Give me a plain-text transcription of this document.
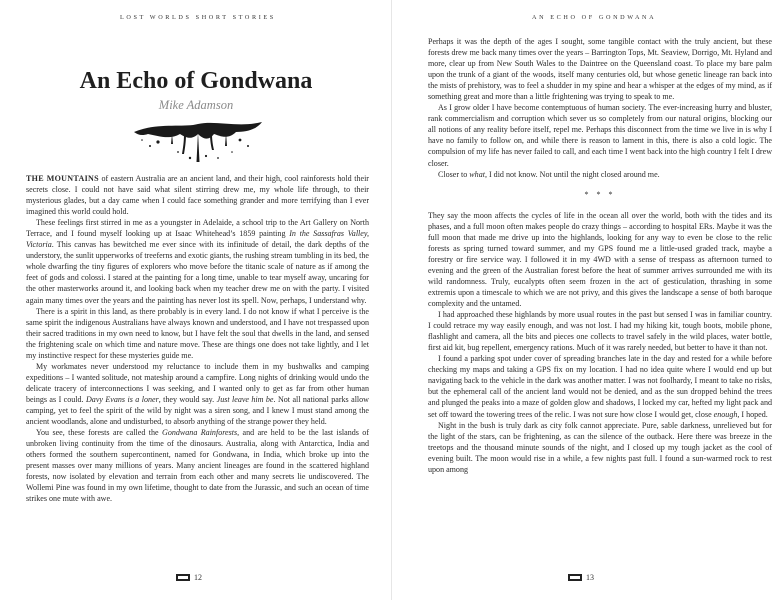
LOST WORLDS SHORT STORIES
An Echo of Gondwana
Mike Adamson

THE MOUNTAINS of eastern Australia are an ancient land, and their high, cool rainforests hold their secrets close. I could not have said what silent stirring drew me, my whole life through, to their mysterious glades, but a day came when I could face something grander and more terrifying than I ever imagined this world could hold.

These feelings first stirred in me as a youngster in Adelaide, a school trip to the Art Gallery on North Terrace, and I found myself looking up at Isaac Whitehead’s 1859 painting In the Sassafras Valley, Victoria. This canvas has bewitched me ever since with its infinitude of detail, the dark depths of the understory, the sunlit upperworks of treeferns and exotic giants, the rushing stream tumbling in its bed, the whole dwarfing the tiny figures of explorers who move before the titanic scale of nature as if among the feet of gods and colossi. I stared at the painting for a long time, unable to tear myself away, uncaring for the other masterworks around it, and looking back when my teacher drew me on with the party. I visited again many times over the years and the painting has never lost its spell. Now, perhaps, I understand why.

There is a spirit in this land, as there probably is in every land. I do not know if what I perceive is the same spirit the indigenous Australians have always known and understood, and I have not trespassed upon their sacred traditions in my own need to know, but I have felt the soul that dwells in the land, and sensed the frightening scale on which time and nature move. These are things one does not take lightly, and I let my instinctive respect for these mysteries guide me.

My workmates never understood my reluctance to include them in my bushwalks and camping expeditions – I wanted solitude, not mateship around a campfire. Long nights of drinking would undo the delicate tracery of interconnections I was seeking, and I wanted only to get as far from other human beings as I could. Davy Evans is a loner, they would say. Just leave him be. Not all national parks allow camping, yet to feel the spirit of the wild by night was a siren song, and I knew I must stand among the ancient woodlands, alone and undisturbed, to absorb anything of the strange power they held.

You see, these forests are called the Gondwana Rainforests, and are held to be the last islands of unbroken living continuity from the time of the dinosaurs. Australia, along with Antarctica, India and others formed the southern supercontinent, named for Gondwana, in India, which broke up into the present masses over many millions of years. Many ancient lineages are found in the scattered highland forests, now isolated by elevation and terrain from each other and many secrets lie undiscovered. The Wollemi Pine was found in my own lifetime, thought to date from the Jurassic, and such an ocean of time strikes one mute with awe.

12
AN ECHO OF GONDWANA

Perhaps it was the depth of the ages I sought, some tangible contact with the truly ancient, but these forests drew me back many times over the years – Barrington Tops, Mt. Seaview, Dorrigo, Mt. Hyland and more, clear up from New South Wales to the Daintree on the Queensland coast. To place my bare palm upon the trunk of a giant of the woods, itself many centuries old, but whose genetic lineage ran back into the mists of prehistory, was to feel a shudder in my spine and hear a whisper at the edges of my mind, as if something great and more than a little frightening was trying to speak to me.

As I grow older I have become contemptuous of human society. The ever-increasing hurry and bluster, rank commercialism and corruption which sever us so completely from our natural origins, blocking our all notions of any reality before itself, repel me. Perhaps this disconnect from the time we live in is why I have no family to follow on, and while there is reason to lament in this, there is also a cold logic. The compulsion of my life has never failed to call, and each time I went back into the high country I felt I drew closer.

Closer to what, I did not know. Not until the night closed around me.

* * *

They say the moon affects the cycles of life in the ocean all over the world, both with the tides and its phases, and a full moon often makes people do crazy things – according to hospital ERs. Maybe it was the full moon that made me drive up into the highlands, looking for any way to even be close to the relic forests as spring turned toward summer, and my GPS found me a little-used graded track, maybe a forestry or fire service way. I followed it in my 4WD with a sense of trespass as afternoon turned to evening and the green of the Australian forest before the heat of summer arrives surrounded me with its wild randomness. Truly, eucalypts often seem frozen in the act of gesticulation, thrashing in some extremis upon a timescale to which we are not privy, and this gives the landscape a sense of both baroque complexity and the untamed.

I had approached these highlands by more usual routes in the past but sensed I was in familiar country. I could retrace my way easily enough, and was not lost. I had my hiking kit, tough boots, mobile phone, flashlight and camera, all the bits and pieces one collects to travel safely in the wild places, water bottle, first aid kit, bug repellent, emergency rations. Much of it was rarely needed, but better to have it than not.

I found a parking spot under cover of spreading branches late in the day and rested for a while before checking my maps and taking a GPS fix on my location. I had no idea quite where I would end up but navigating back to the vehicle in the dark was another matter. I was not foolhardy, I meant to take no risks, but the ephemeral call of the ancient land would not be denied, and as the sun dropped behind the trees and plunged the peaks into a maze of golden glow and shadows, I locked my car, hefted my light pack and set off toward the towering trees of the relic. I was not sure how close I would get, close enough, I hoped.

Night in the bush is truly dark as city folk cannot appreciate. Pure, sable darkness, unrelieved but for the light of the stars, can be frightening, as can the silence of the outback. Here there was breeze in the treetops and the thousand minute sounds of the night, and I closed up my tough jacket as the cool of evening built. The moon would rise in a while, a few nights past full. I found a sun-warmed rock to rest upon among

13
